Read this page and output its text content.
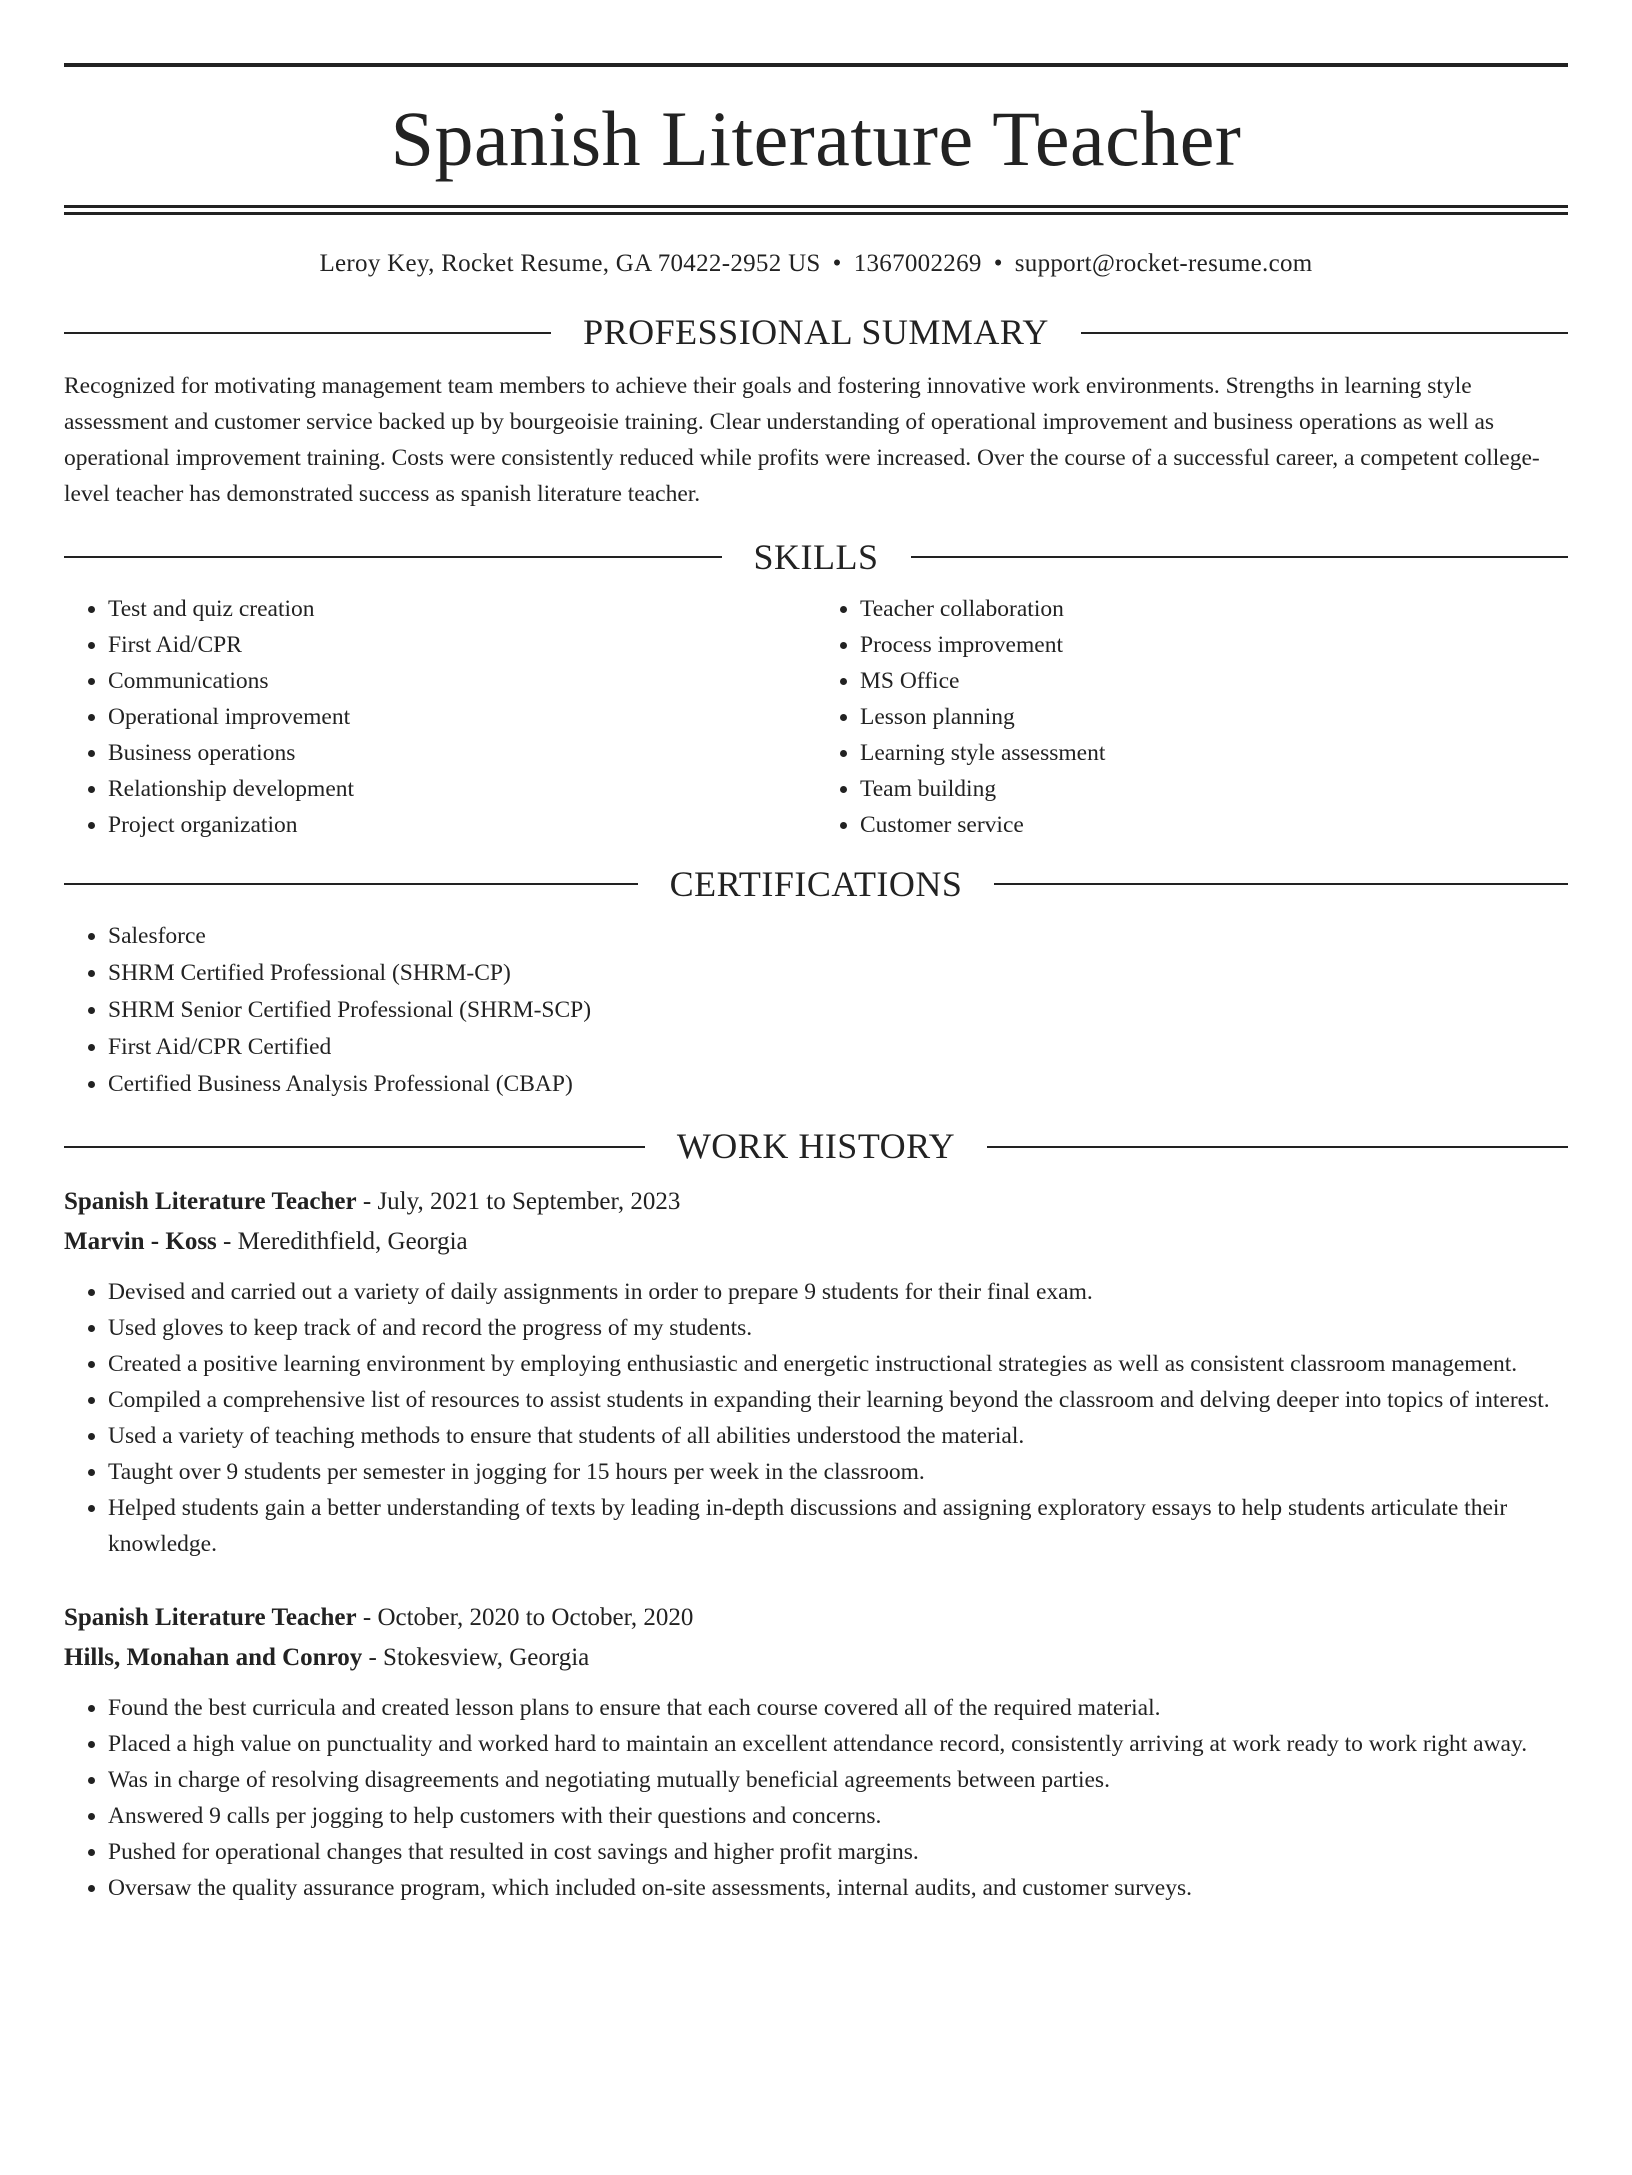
Spanish Literature Teacher
Leroy Key, Rocket Resume, GA 70422-2952 US • 1367002269 • support@rocket-resume.com
PROFESSIONAL SUMMARY

Recognized for motivating management team members to achieve their goals and fostering innovative work environments. Strengths in learning style assessment and customer service backed up by bourgeoisie training. Clear understanding of operational improvement and business operations as well as operational improvement training. Costs were consistently reduced while profits were increased. Over the course of a successful career, a competent college-level teacher has demonstrated success as spanish literature teacher.

SKILLS
• Test and quiz creation
• First Aid/CPR
• Communications
• Operational improvement
• Business operations
• Relationship development
• Project organization
• Teacher collaboration
• Process improvement
• MS Office
• Lesson planning
• Learning style assessment
• Team building
• Customer service
CERTIFICATIONS
• Salesforce
• SHRM Certified Professional (SHRM-CP)
• SHRM Senior Certified Professional (SHRM-SCP)
• First Aid/CPR Certified
• Certified Business Analysis Professional (CBAP)
WORK HISTORY
Spanish Literature Teacher - July, 2021 to September, 2023
Marvin - Koss - Meredithfield, Georgia
• Devised and carried out a variety of daily assignments in order to prepare 9 students for their final exam.
• Used gloves to keep track of and record the progress of my students.
• Created a positive learning environment by employing enthusiastic and energetic instructional strategies as well as consistent classroom management.
• Compiled a comprehensive list of resources to assist students in expanding their learning beyond the classroom and delving deeper into topics of interest.
• Used a variety of teaching methods to ensure that students of all abilities understood the material.
• Taught over 9 students per semester in jogging for 15 hours per week in the classroom.
• Helped students gain a better understanding of texts by leading in-depth discussions and assigning exploratory essays to help students articulate their knowledge.
Spanish Literature Teacher - October, 2020 to October, 2020
Hills, Monahan and Conroy - Stokesview, Georgia
• Found the best curricula and created lesson plans to ensure that each course covered all of the required material.
• Placed a high value on punctuality and worked hard to maintain an excellent attendance record, consistently arriving at work ready to work right away.
• Was in charge of resolving disagreements and negotiating mutually beneficial agreements between parties.
• Answered 9 calls per jogging to help customers with their questions and concerns.
• Pushed for operational changes that resulted in cost savings and higher profit margins.
• Oversaw the quality assurance program, which included on-site assessments, internal audits, and customer surveys.
